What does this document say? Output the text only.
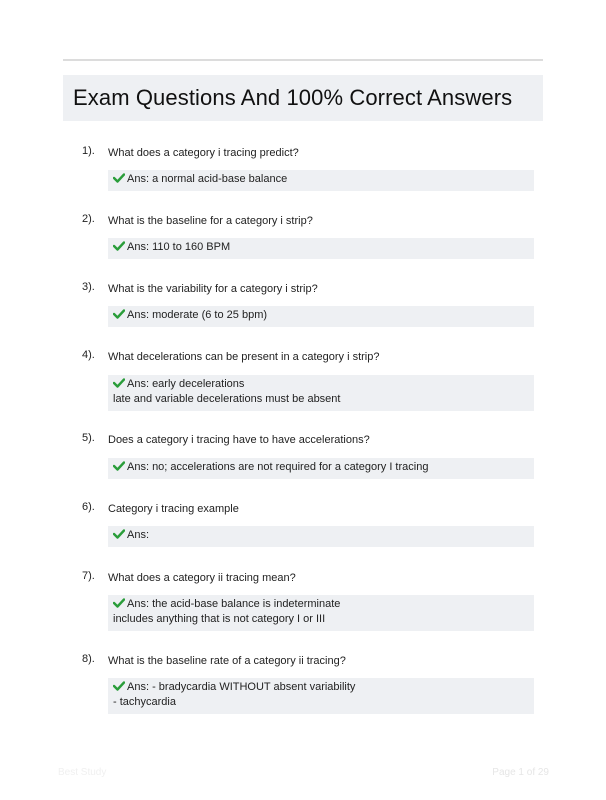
Exam Questions And 100% Correct Answers
1). What does a category i tracing predict?
Ans: a normal acid-base balance
2). What is the baseline for a category i strip?
Ans: 110 to 160 BPM
3). What is the variability for a category i strip?
Ans: moderate (6 to 25 bpm)
4). What decelerations can be present in a category i strip?
Ans: early decelerations
late and variable decelerations must be absent
5). Does a category i tracing have to have accelerations?
Ans: no; accelerations are not required for a category I tracing
6). Category i tracing example
Ans:
7). What does a category ii tracing mean?
Ans: the acid-base balance is indeterminate
includes anything that is not category I or III
8). What is the baseline rate of a category ii tracing?
Ans: - bradycardia WITHOUT absent variability
- tachycardia
Best Study	Page 1 of 29
